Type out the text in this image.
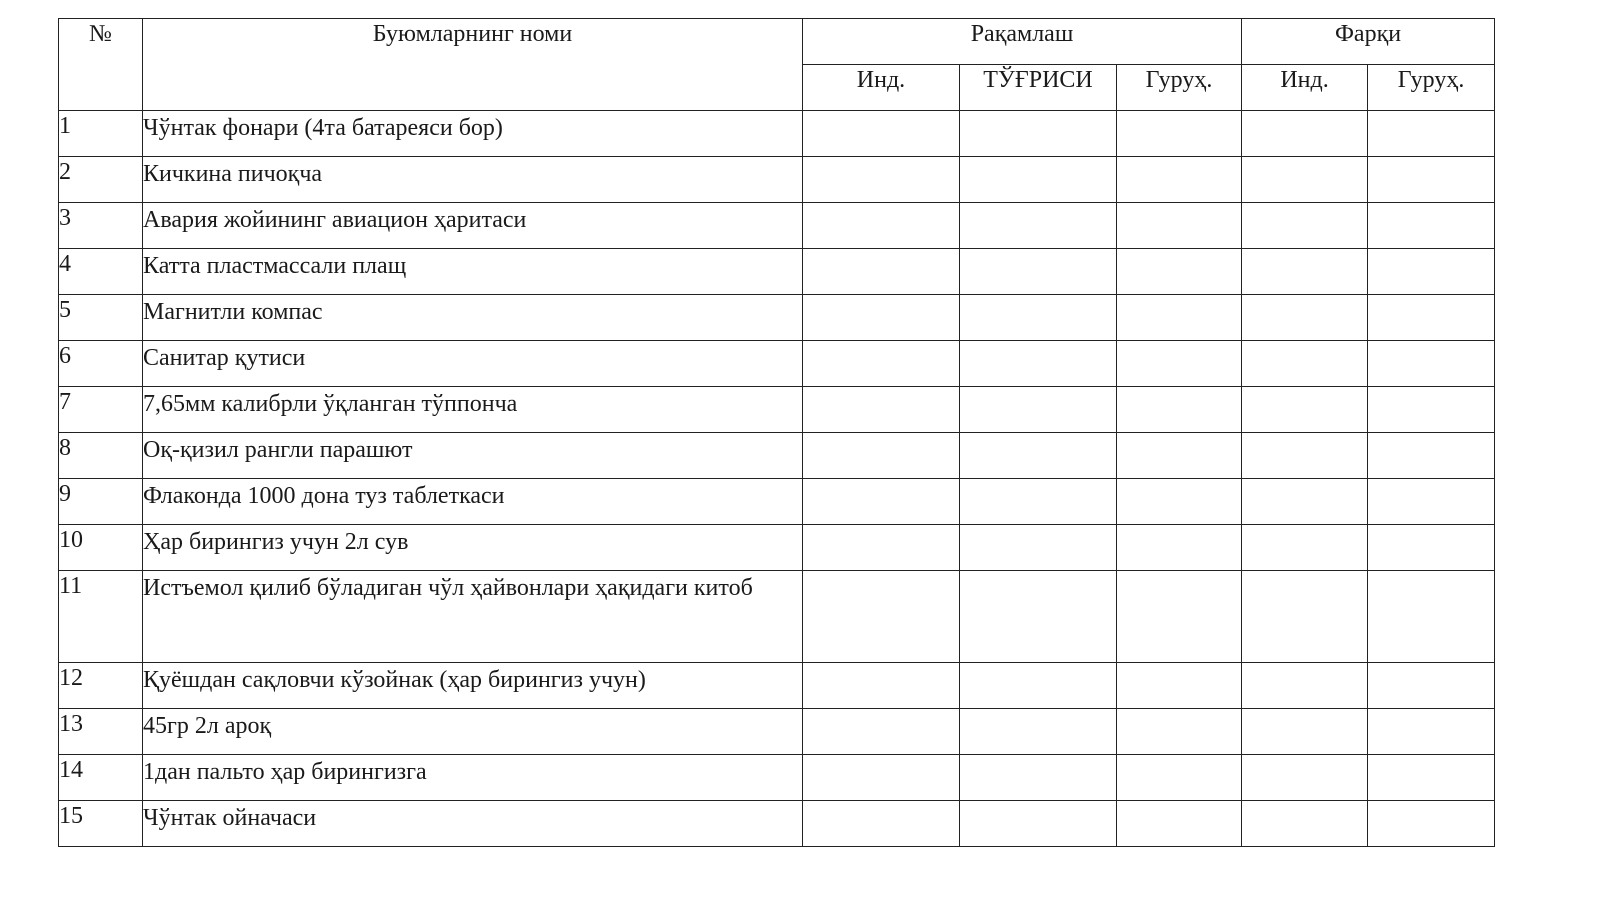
№	Буюмларнинг номи	Рақамлаш			Фарқи	
		Инд.	ТЎҒРИСИ	Гуруҳ.	Инд.	Гуруҳ.
1	Чўнтак фонари (4та батареяси бор)					
2	Кичкина пичоқча					
3	Авария жойининг авиацион ҳаритаси					
4	Катта пластмассали плащ					
5	Магнитли компас					
6	Санитар қутиси					
7	7,65мм калибрли ўқланган тўппонча					
8	Оқ-қизил рангли парашют					
9	Флаконда 1000 дона туз таблеткаси					
10	Ҳар бирингиз учун 2л сув					
11	Истъемол қилиб бўладиган чўл ҳайвонлари ҳақидаги китоб					
12	Қуёшдан сақловчи кўзойнак (ҳар бирингиз учун)					
13	45гр 2л ароқ					
14	1дан пальто ҳар бирингизга					
15	Чўнтак ойначаси					
